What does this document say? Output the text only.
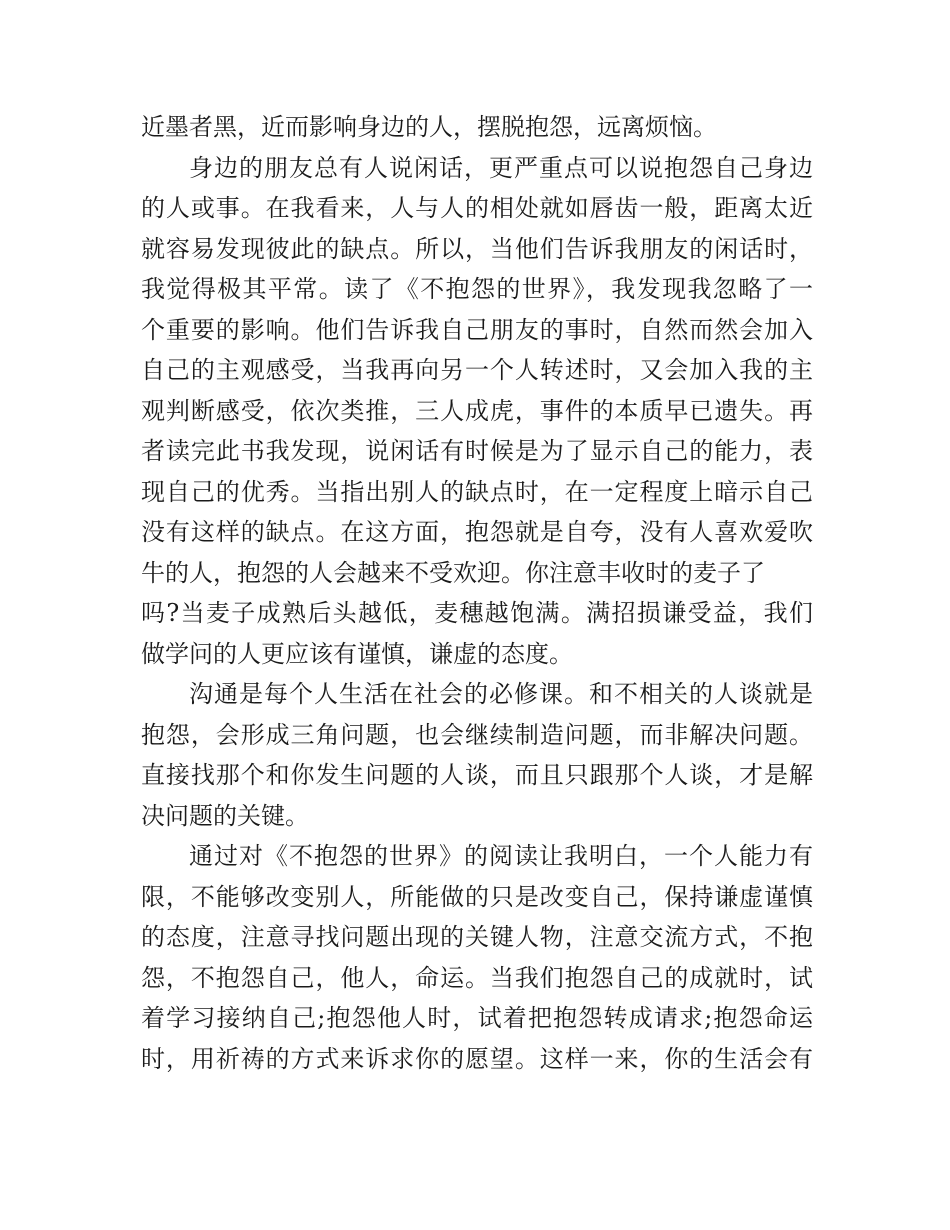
近墨者黑，近而影响身边的人，摆脱抱怨，远离烦恼。
身边的朋友总有人说闲话，更严重点可以说抱怨自己身边
的人或事。在我看来，人与人的相处就如唇齿一般，距离太近
就容易发现彼此的缺点。所以，当他们告诉我朋友的闲话时，
我觉得极其平常。读了《不抱怨的世界》，我发现我忽略了一
个重要的影响。他们告诉我自己朋友的事时，自然而然会加入
自己的主观感受，当我再向另一个人转述时，又会加入我的主
观判断感受，依次类推，三人成虎，事件的本质早已遗失。再
者读完此书我发现，说闲话有时候是为了显示自己的能力，表
现自己的优秀。当指出别人的缺点时，在一定程度上暗示自己
没有这样的缺点。在这方面，抱怨就是自夸，没有人喜欢爱吹
牛的人，抱怨的人会越来不受欢迎。你注意丰收时的麦子了
吗?当麦子成熟后头越低，麦穗越饱满。满招损谦受益，我们
做学问的人更应该有谨慎，谦虚的态度。
沟通是每个人生活在社会的必修课。和不相关的人谈就是
抱怨，会形成三角问题，也会继续制造问题，而非解决问题。
直接找那个和你发生问题的人谈，而且只跟那个人谈，才是解
决问题的关键。
通过对《不抱怨的世界》的阅读让我明白，一个人能力有
限，不能够改变别人，所能做的只是改变自己，保持谦虚谨慎
的态度，注意寻找问题出现的关键人物，注意交流方式，不抱
怨，不抱怨自己，他人，命运。当我们抱怨自己的成就时，试
着学习接纳自己;抱怨他人时，试着把抱怨转成请求;抱怨命运
时，用祈祷的方式来诉求你的愿望。这样一来，你的生活会有
